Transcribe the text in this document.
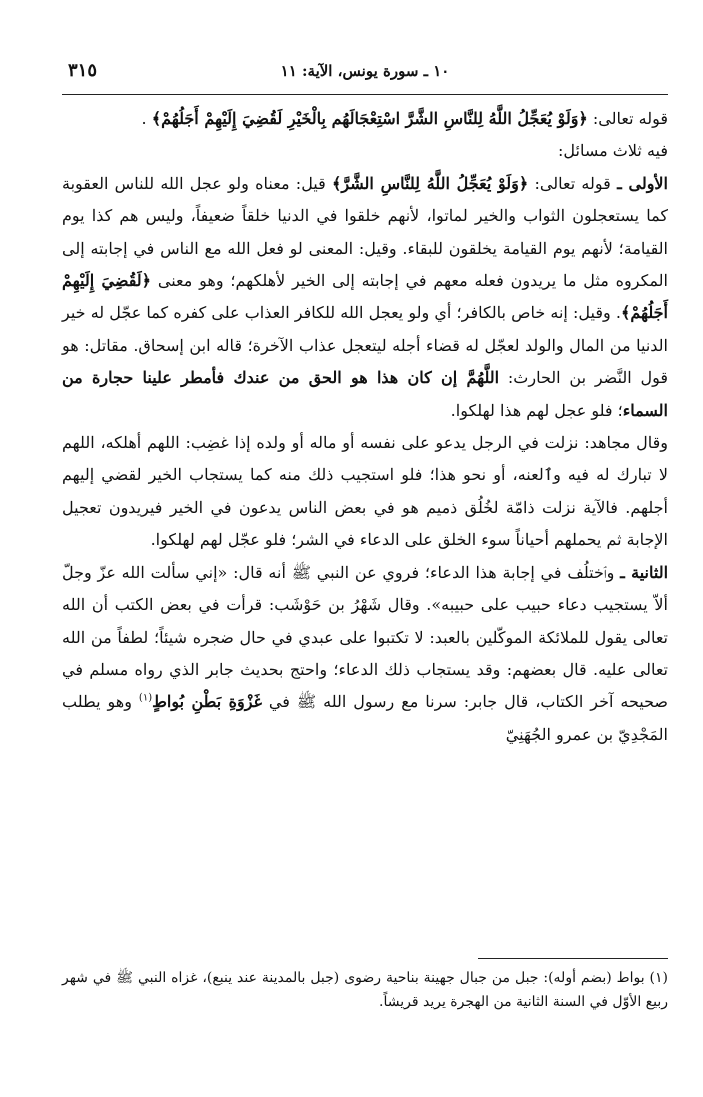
١٠ ـ سورة يونس، الآية: ١١
٣١٥

قوله تعالى: ﴿وَلَوْ يُعَجِّلُ اللَّهُ لِلنَّاسِ الشَّرَّ اسْتِعْجَالَهُم بِالْخَيْرِ لَقُضِيَ إِلَيْهِمْ أَجَلُهُمْ﴾ .

فيه ثلاث مسائل:

الأولى ـ قوله تعالى: ﴿وَلَوْ يُعَجِّلُ اللَّهُ لِلنَّاسِ الشَّرَّ﴾ قيل: معناه ولو عجل الله للناس العقوبة كما يستعجلون الثواب والخير لماتوا، لأنهم خلقوا في الدنيا خلقاً ضعيفاً، وليس هم كذا يوم القيامة؛ لأنهم يوم القيامة يخلقون للبقاء. وقيل: المعنى لو فعل الله مع الناس في إجابته إلى المكروه مثل ما يريدون فعله معهم في إجابته إلى الخير لأهلكهم؛ وهو معنى ﴿لَقُضِيَ إِلَيْهِمْ أَجَلُهُمْ﴾. وقيل: إنه خاص بالكافر؛ أي ولو يعجل الله للكافر العذاب على كفره كما عجّل له خير الدنيا من المال والولد لعجّل له قضاء أجله ليتعجل عذاب الآخرة؛ قاله ابن إسحاق. مقاتل: هو قول النَّضر بن الحارث: اللَّهُمَّ إن كان هذا هو الحق من عندك فأمطر علينا حجارة من السماء؛ فلو عجل لهم هذا لهلكوا.

وقال مجاهد: نزلت في الرجل يدعو على نفسه أو ماله أو ولده إذا غضِب: اللهم أهلكه، اللهم لا تبارك له فيه وٱلعنه، أو نحو هذا؛ فلو استجيب ذلك منه كما يستجاب الخير لقضي إليهم أجلهم. فالآية نزلت ذامّة لخُلُق ذميم هو في بعض الناس يدعون في الخير فيريدون تعجيل الإجابة ثم يحملهم أحياناً سوء الخلق على الدعاء في الشر؛ فلو عجّل لهم لهلكوا.

الثانية ـ وٱختلُف في إجابة هذا الدعاء؛ فروي عن النبي ﷺ أنه قال: «إني سألت الله عزّ وجلّ ألاّ يستجيب دعاء حبيب على حبيبه». وقال شَهْرُ بن حَوْشَب: قرأت في بعض الكتب أن الله تعالى يقول للملائكة الموكّلين بالعبد: لا تكتبوا على عبدي في حال ضجره شيئاً؛ لطفاً من الله تعالى عليه. قال بعضهم: وقد يستجاب ذلك الدعاء؛ واحتج بحديث جابر الذي رواه مسلم في صحيحه آخر الكتاب، قال جابر: سرنا مع رسول الله ﷺ في غَزْوَةِ بَطْنِ بُواطٍ$^{(١)}$ وهو يطلب المَجْدِيّ بن عمرو الجُهَنِيّ

(١) بواط (بضم أوله): جبل من جبال جهينة بناحية رضوى (جبل بالمدينة عند ينبع)، غزاه النبي ﷺ في شهر ربيع الأوّل في السنة الثانية من الهجرة يريد قريشاً.
